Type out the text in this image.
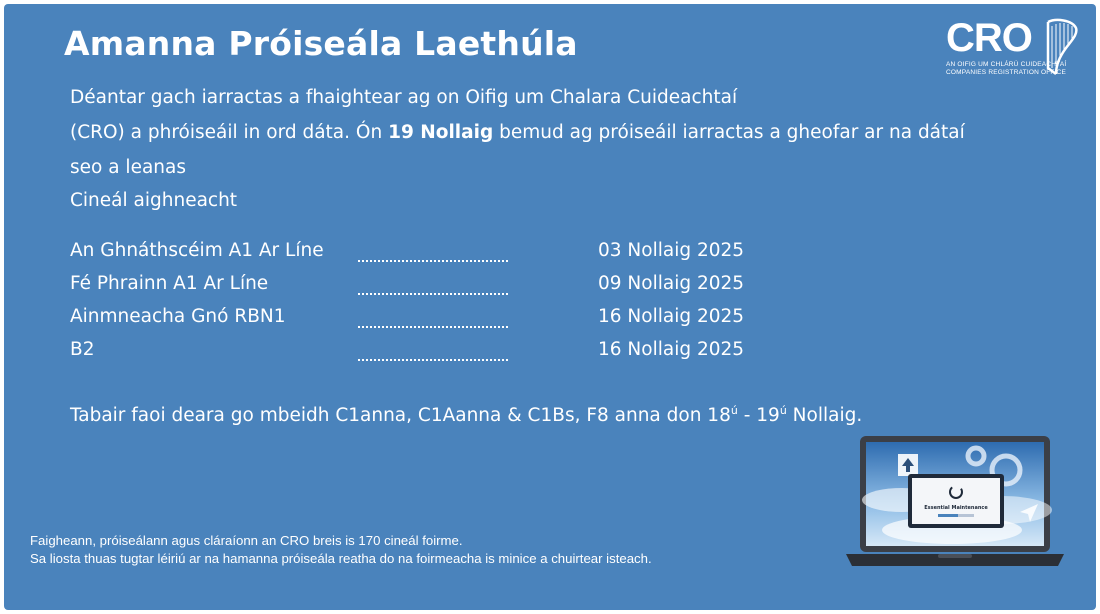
Amanna Próiseála Laethúla	CRO
AN OIFIG UM CHLÁRÚ CUIDEACHTAÍ
COMPANIES REGISTRATION OFFICE

Déantar gach iarractas a fhaightear ag on Oifig um Chalara Cuideachtaí

(CRO) a phróiseáil in ord dáta. Ón 19 Nollaig bemud ag próiseáil iarractas a gheofar ar na dátaí

seo a leanas

Cineál aighneacht
An Ghnáthscéim A1 Ar Líne	03 Nollaig 2025
Fé Phrainn A1 Ar Líne	09 Nollaig 2025
Ainmneacha Gnó RBN1	16 Nollaig 2025
B2	16 Nollaig 2025
Tabair faoi deara go mbeidh C1anna, C1Aanna & C1Bs, F8 anna don $18^ú - 19^ú$ Nollaig.

Faigheann, próiseálann agus cláraíonn an CRO breis is 170 cineál foirme.

Sa liosta thuas tugtar léiriú ar na hamanna próiseála reatha do na foirmeacha is minice a chuirtear isteach.

Essential Maintenance
